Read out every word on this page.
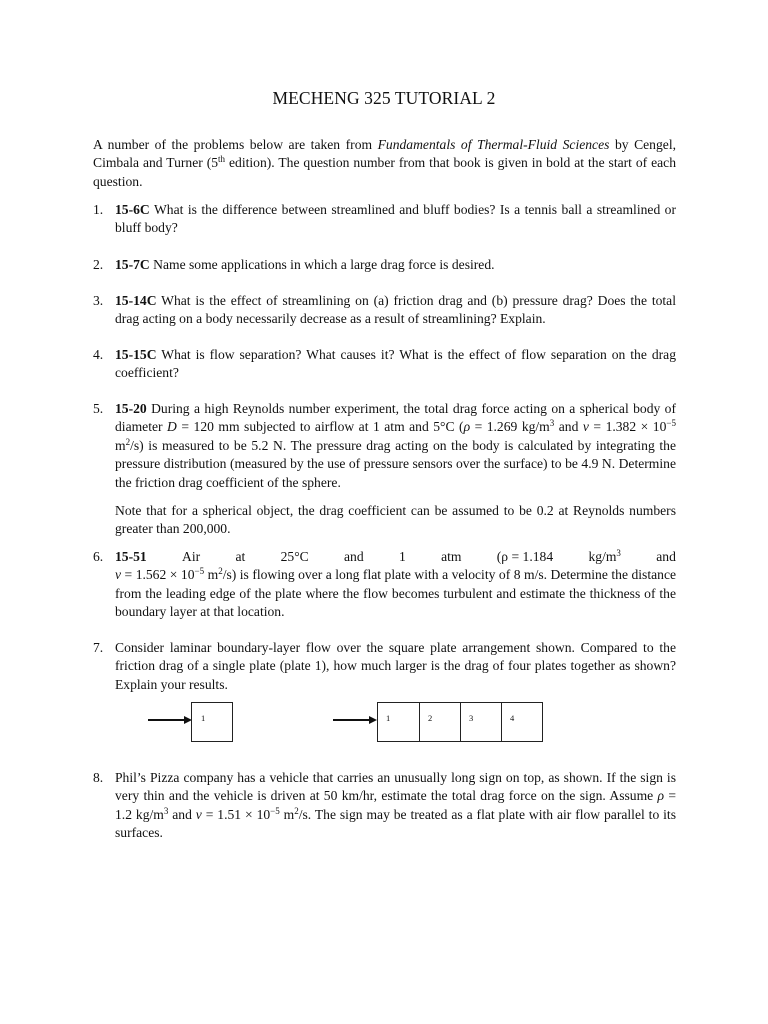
MECHENG 325 TUTORIAL 2
A number of the problems below are taken from Fundamentals of Thermal-Fluid Sciences by Cengel, Cimbala and Turner (5th edition). The question number from that book is given in bold at the start of each question.
1. 15-6C What is the difference between streamlined and bluff bodies? Is a tennis ball a streamlined or bluff body?
2. 15-7C Name some applications in which a large drag force is desired.
3. 15-14C What is the effect of streamlining on (a) friction drag and (b) pressure drag? Does the total drag acting on a body necessarily decrease as a result of streamlining? Explain.
4. 15-15C What is flow separation? What causes it? What is the effect of flow separation on the drag coefficient?
5. 15-20 During a high Reynolds number experiment, the total drag force acting on a spherical body of diameter D = 120 mm subjected to airflow at 1 atm and 5°C (ρ = 1.269 $kg/m^3$ and $\nu = 1.382 \times 10^{-5}$ $m^2/s$) is measured to be 5.2 N. The pressure drag acting on the body is calculated by integrating the pressure distribution (measured by the use of pressure sensors over the surface) to be 4.9 N. Determine the friction drag coefficient of the sphere.
Note that for a spherical object, the drag coefficient can be assumed to be 0.2 at Reynolds numbers greater than 200,000.
6. 15-51	Air	at	25°C	and	1	atm	(ρ = 1.184	$kg/m^3$	and
$\nu = 1.562 \times 10^{-5}$ $m^2/s$) is flowing over a long flat plate with a velocity of 8 m/s. Determine the distance from the leading edge of the plate where the flow becomes turbulent and estimate the thickness of the boundary layer at that location.
7. Consider laminar boundary-layer flow over the square plate arrangement shown. Compared to the friction drag of a single plate (plate 1), how much larger is the drag of four plates together as shown? Explain your results.
1	1	2	3	4
8. Phil’s Pizza company has a vehicle that carries an unusually long sign on top, as shown. If the sign is very thin and the vehicle is driven at 50 km/hr, estimate the total drag force on the sign. Assume ρ = 1.2 $kg/m^3$ and $\nu = 1.51 \times 10^{-5}$ $m^2/s$. The sign may be treated as a flat plate with air flow parallel to its surfaces.
